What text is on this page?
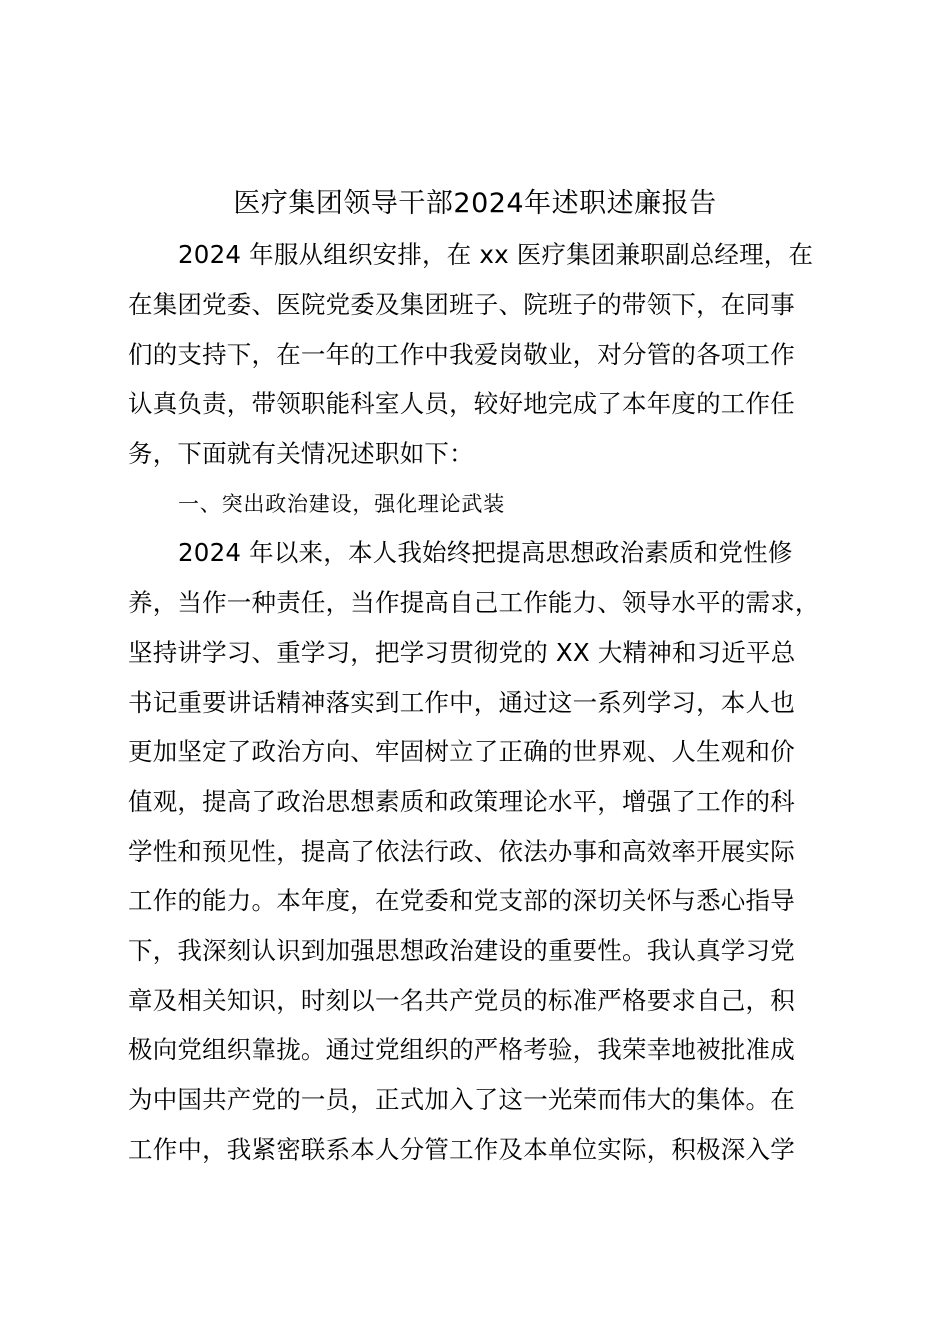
医疗集团领导干部2024年述职述廉报告
2024 年服从组织安排，在 xx 医疗集团兼职副总经理，在
在集团党委、医院党委及集团班子、院班子的带领下，在同事
们的支持下，在一年的工作中我爱岗敬业，对分管的各项工作
认真负责，带领职能科室人员，较好地完成了本年度的工作任
务，下面就有关情况述职如下：
一、突出政治建设，强化理论武装
2024 年以来，本人我始终把提高思想政治素质和党性修
养，当作一种责任，当作提高自己工作能力、领导水平的需求，
坚持讲学习、重学习，把学习贯彻党的 XX 大精神和习近平总
书记重要讲话精神落实到工作中，通过这一系列学习，本人也
更加坚定了政治方向、牢固树立了正确的世界观、人生观和价
值观，提高了政治思想素质和政策理论水平，增强了工作的科
学性和预见性，提高了依法行政、依法办事和高效率开展实际
工作的能力。本年度，在党委和党支部的深切关怀与悉心指导
下，我深刻认识到加强思想政治建设的重要性。我认真学习党
章及相关知识，时刻以一名共产党员的标准严格要求自己，积
极向党组织靠拢。通过党组织的严格考验，我荣幸地被批准成
为中国共产党的一员，正式加入了这一光荣而伟大的集体。在
工作中，我紧密联系本人分管工作及本单位实际，积极深入学
